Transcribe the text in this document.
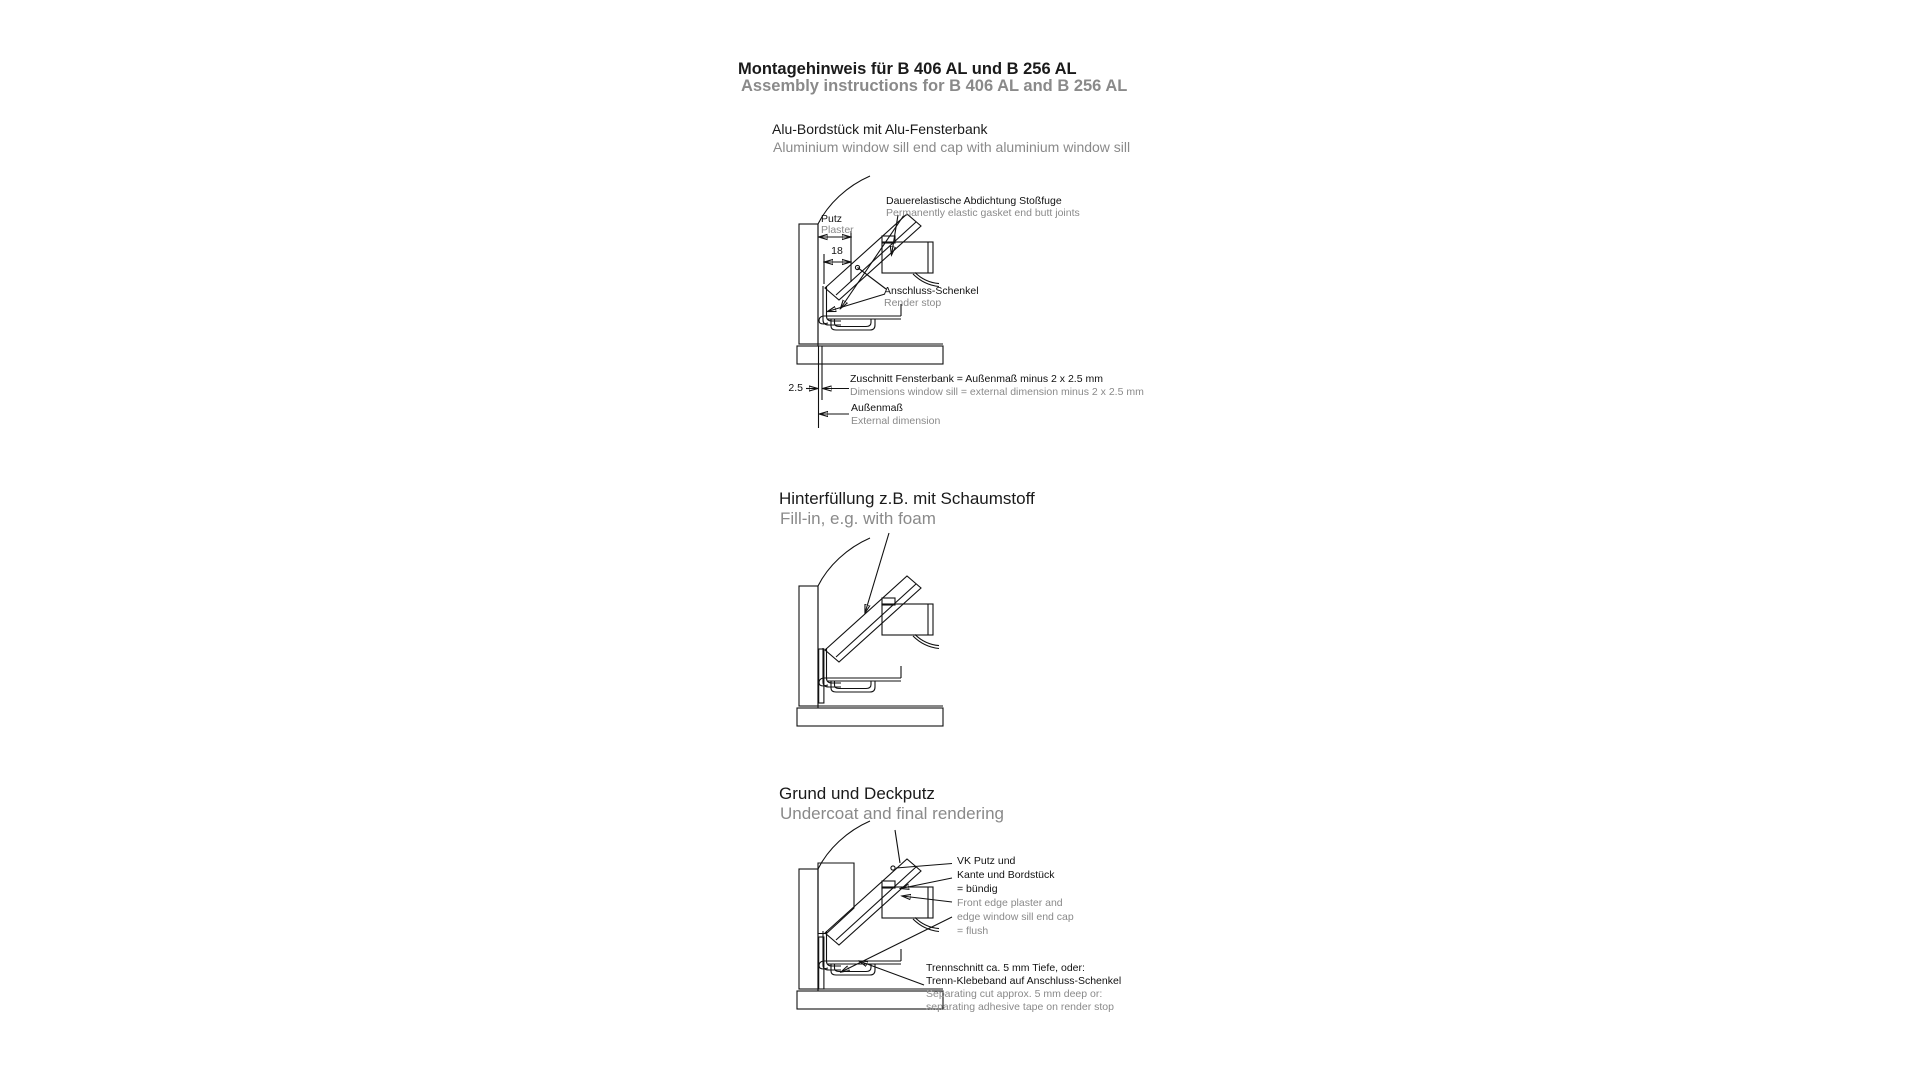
Montagehinweis für B 406 AL und B 256 AL
Assembly instructions for B 406 AL and B 256 AL
Alu-Bordstück mit Alu-Fensterbank
Aluminium window sill end cap with aluminium window sill
Hinterfüllung z.B. mit Schaumstoff
Fill-in, e.g. with foam
Grund und Deckputz
Undercoat and final rendering
Putz
Plaster
18
Dauerelastische Abdichtung Stoßfuge
Permanently elastic gasket end butt joints
Anschluss-Schenkel
Render stop
2.5
Zuschnitt Fensterbank = Außenmaß minus 2 x 2.5 mm
Dimensions window sill = external dimension minus 2 x 2.5 mm
Außenmaß
External dimension
VK Putz und
Kante und Bordstück
= bündig
Front edge plaster and
edge window sill end cap
= flush
Trennschnitt ca. 5 mm Tiefe, oder:
Trenn-Klebeband auf Anschluss-Schenkel
Separating cut approx. 5 mm deep or:
separating adhesive tape on render stop
